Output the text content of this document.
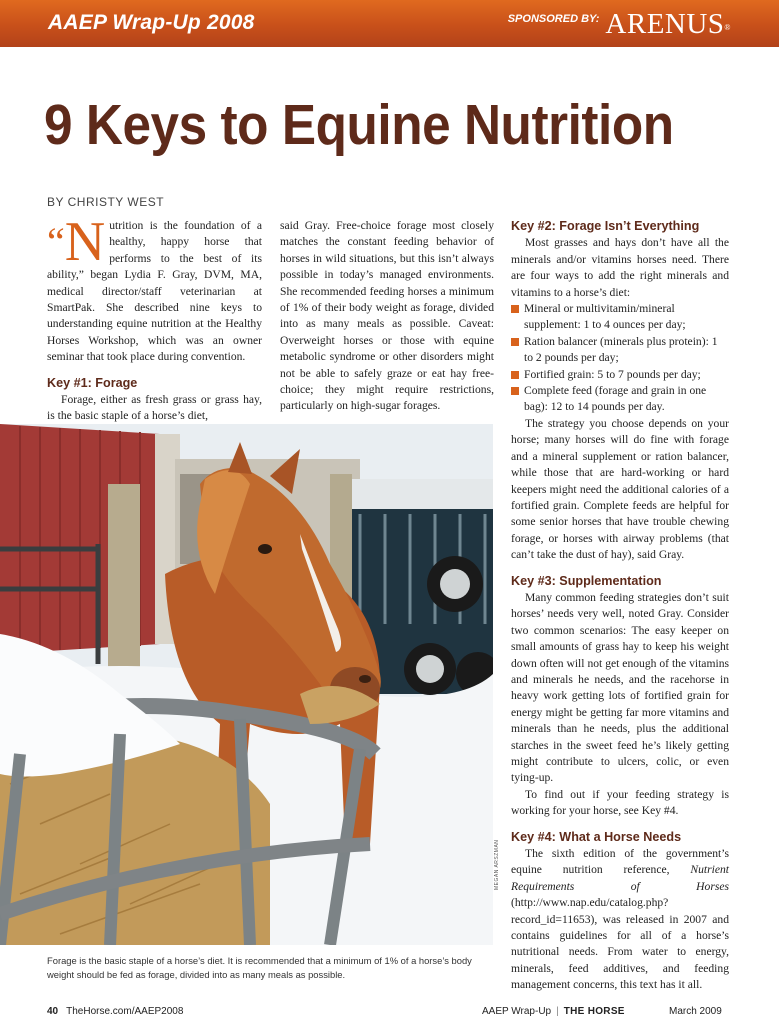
AAEP Wrap-Up 2008	SPONSORED BY: ARENUS®
9 Keys to Equine Nutrition
BY CHRISTY WEST
“N utrition is the foundation of a healthy, happy horse that performs to the best of its ability,” began Lydia F. Gray, DVM, MA, medical director/staff veterinarian at SmartPak. She described nine keys to understanding equine nutrition at the Healthy Horses Workshop, which was an owner seminar that took place during convention.

Key #1: Forage

Forage, either as fresh grass or grass hay, is the basic staple of a horse’s diet,

said Gray. Free-choice forage most closely matches the constant feeding behavior of horses in wild situations, but this isn’t always possible in today’s managed environments. She recommended feeding horses a minimum of 1% of their body weight as forage, divided into as many meals as possible. Caveat: Overweight horses or those with equine metabolic syndrome or other disorders might not be able to safely graze or eat hay free-choice; they might require restrictions, particularly on high-sugar forages.

Key #2: Forage Isn’t Everything

Most grasses and hays don’t have all the minerals and/or vitamins horses need. There are four ways to add the right minerals and vitamins to a horse’s diet:

Mineral or multivitamin/mineral supplement: 1 to 4 ounces per day;
Ration balancer (minerals plus protein): 1 to 2 pounds per day;
Fortified grain: 5 to 7 pounds per day;
Complete feed (forage and grain in one bag): 12 to 14 pounds per day.

The strategy you choose depends on your horse; many horses will do fine with forage and a mineral supplement or ration balancer, while those that are hard-working or hard keepers might need the additional calories of a fortified grain. Complete feeds are helpful for some senior horses that have trouble chewing forage, or horses with airway problems (that can’t take the dust of hay), said Gray.

Key #3: Supplementation

Many common feeding strategies don’t suit horses’ needs very well, noted Gray. Consider two common scenarios: The easy keeper on small amounts of grass hay to keep his weight down often will not get enough of the vitamins and minerals he needs, and the racehorse in heavy work getting lots of fortified grain for energy might be getting far more vitamins and minerals than he needs, plus the additional starches in the sweet feed he’s likely getting might contribute to ulcers, colic, or even tying-up.

To find out if your feeding strategy is working for your horse, see Key #4.

Key #4: What a Horse Needs

The sixth edition of the government’s equine nutrition reference, Nutrient Requirements of Horses (http://www.nap.edu/catalog.php?record_id=11653), was released in 2007 and contains guidelines for all of a horse’s nutritional needs. From water to energy, minerals, feed additives, and feeding management concerns, this text has it all.

MEGAN ARSZMAN
Forage is the basic staple of a horse’s diet. It is recommended that a minimum of 1% of a horse’s body weight should be fed as forage, divided into as many meals as possible.
40 TheHorse.com/AAEP2008	AAEP Wrap-Up | THE HORSE	March 2009
